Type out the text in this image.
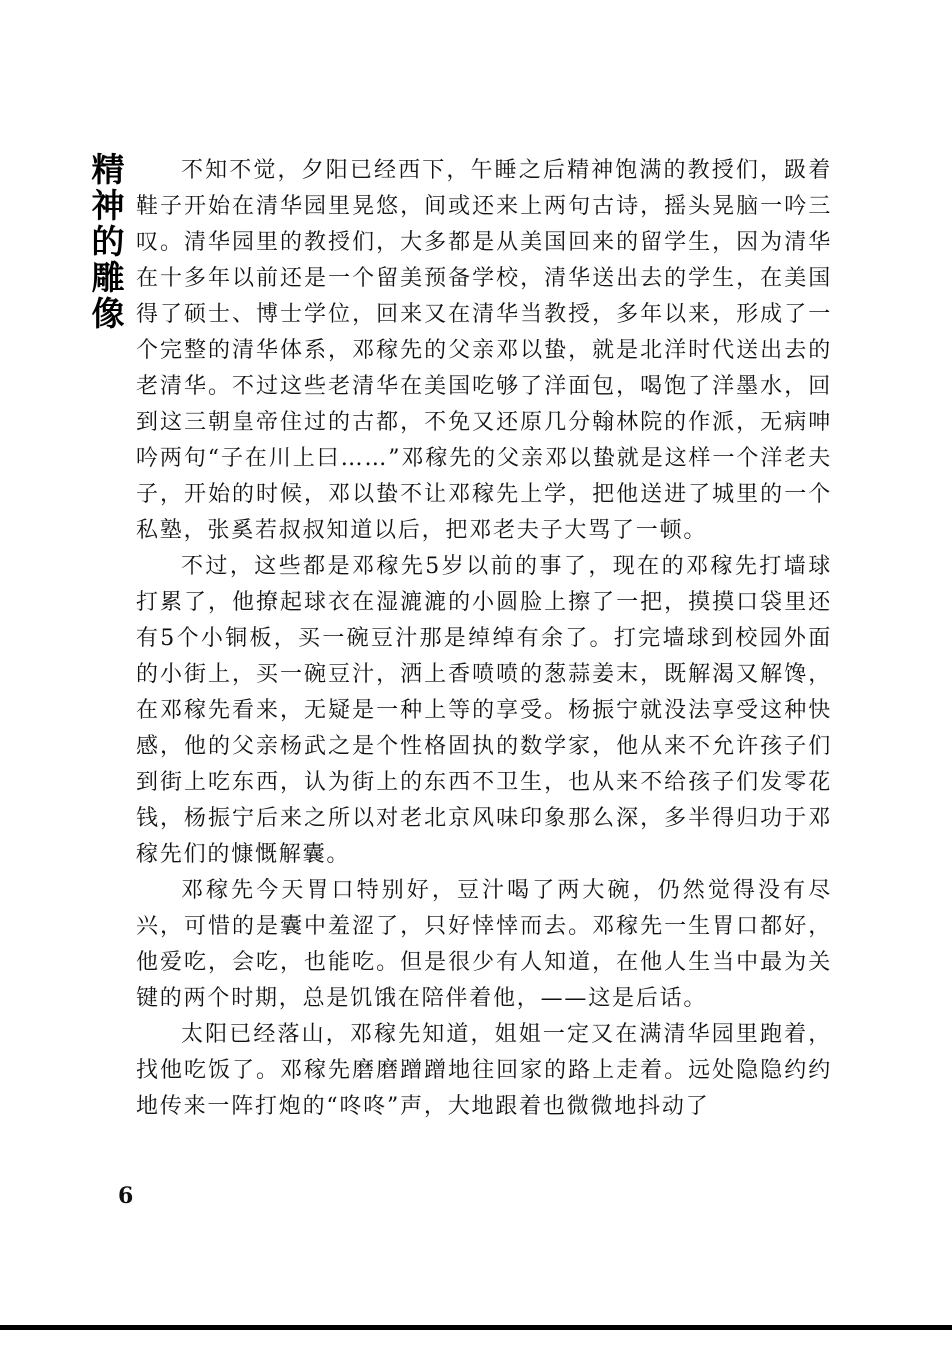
精
神
的
雕
像

不知不觉，夕阳已经西下，午睡之后精神饱满的教授们，趿着鞋子开始在清华园里晃悠，间或还来上两句古诗，摇头晃脑一吟三叹。清华园里的教授们，大多都是从美国回来的留学生，因为清华在十多年以前还是一个留美预备学校，清华送出去的学生，在美国得了硕士、博士学位，回来又在清华当教授，多年以来，形成了一个完整的清华体系，邓稼先的父亲邓以蛰，就是北洋时代送出去的老清华。不过这些老清华在美国吃够了洋面包，喝饱了洋墨水，回到这三朝皇帝住过的古都，不免又还原几分翰林院的作派，无病呻吟两句“子在川上曰……”邓稼先的父亲邓以蛰就是这样一个洋老夫子，开始的时候，邓以蛰不让邓稼先上学，把他送进了城里的一个私塾，张奚若叔叔知道以后，把邓老夫子大骂了一顿。

不过，这些都是邓稼先5岁以前的事了，现在的邓稼先打墙球打累了，他撩起球衣在湿漉漉的小圆脸上擦了一把，摸摸口袋里还有5个小铜板，买一碗豆汁那是绰绰有余了。打完墙球到校园外面的小街上，买一碗豆汁，洒上香喷喷的葱蒜姜末，既解渴又解馋，在邓稼先看来，无疑是一种上等的享受。杨振宁就没法享受这种快感，他的父亲杨武之是个性格固执的数学家，他从来不允许孩子们到街上吃东西，认为街上的东西不卫生，也从来不给孩子们发零花钱，杨振宁后来之所以对老北京风味印象那么深，多半得归功于邓稼先们的慷慨解囊。

邓稼先今天胃口特别好，豆汁喝了两大碗，仍然觉得没有尽兴，可惜的是囊中羞涩了，只好悻悻而去。邓稼先一生胃口都好，他爱吃，会吃，也能吃。但是很少有人知道，在他人生当中最为关键的两个时期，总是饥饿在陪伴着他，——这是后话。

太阳已经落山，邓稼先知道，姐姐一定又在满清华园里跑着，找他吃饭了。邓稼先磨磨蹭蹭地往回家的路上走着。远处隐隐约约地传来一阵打炮的“咚咚”声，大地跟着也微微地抖动了

6
